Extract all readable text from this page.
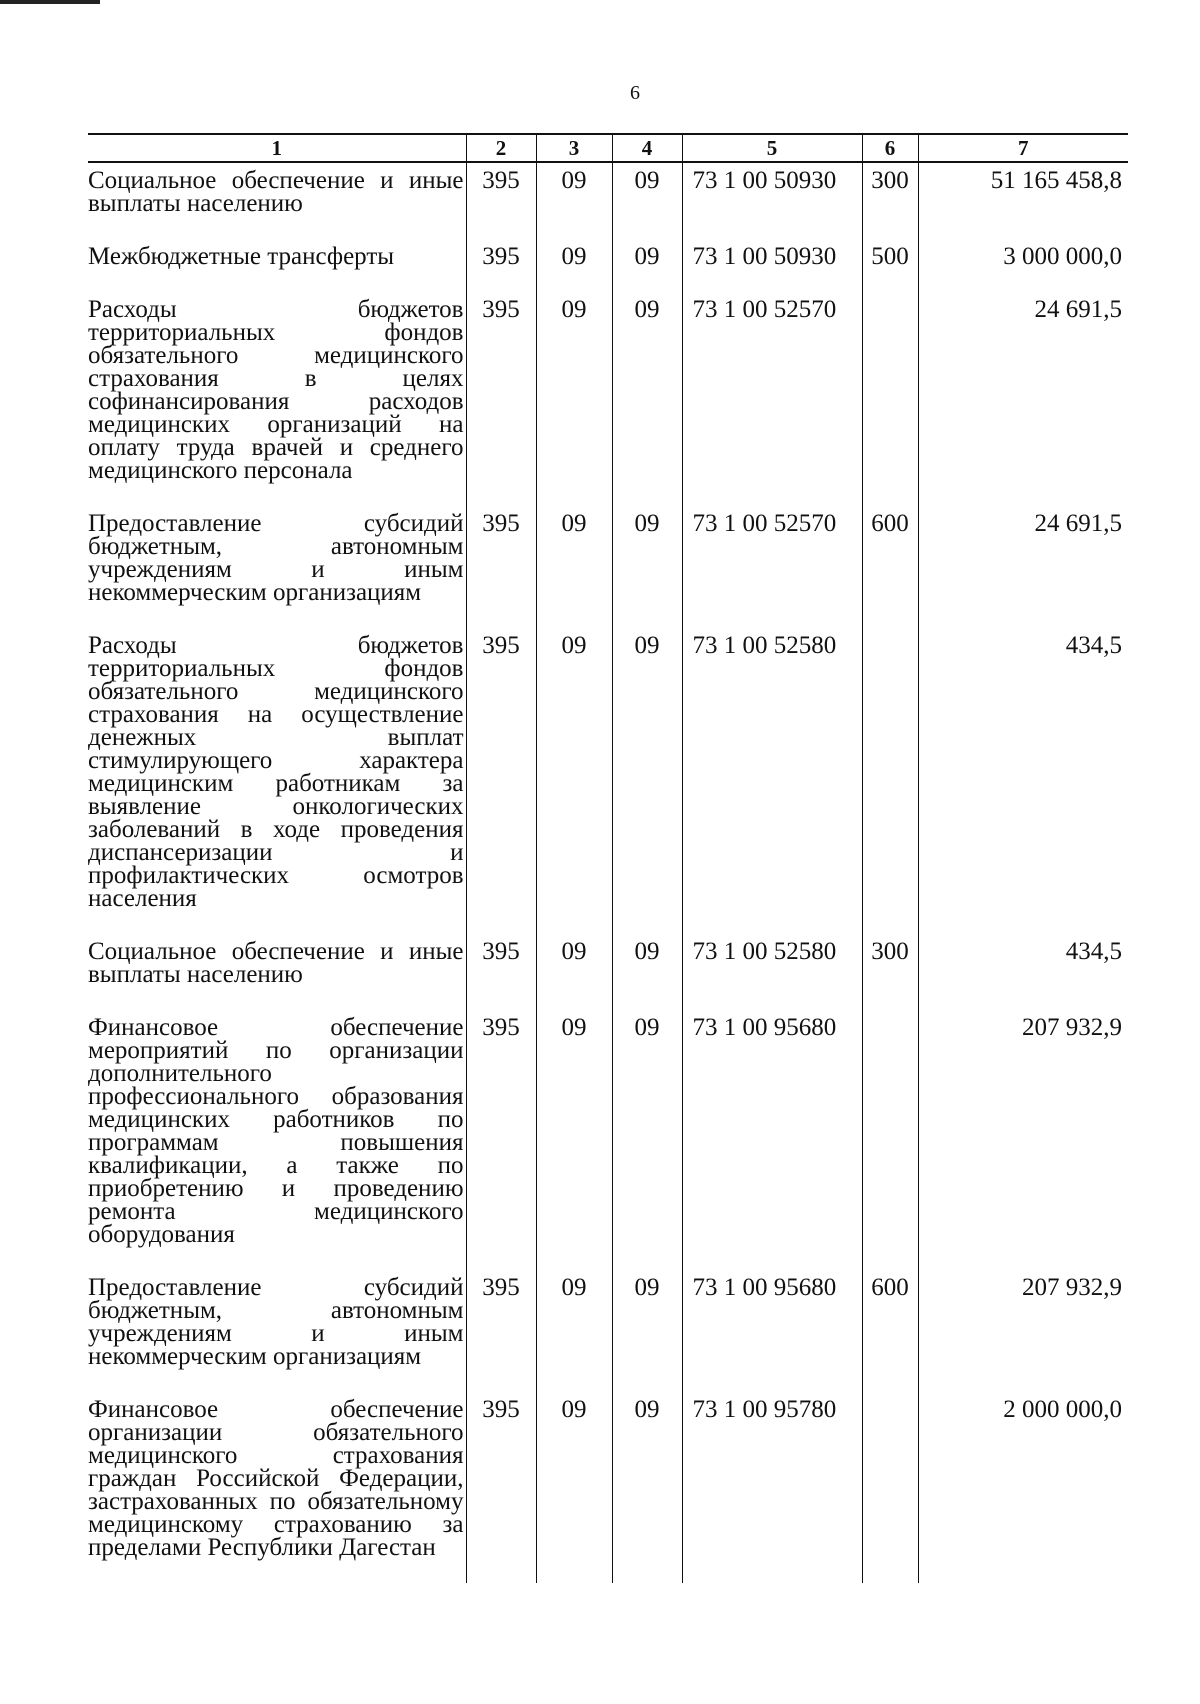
6
1	2	3	4	5	6	7
Социальное обеспечение и иные выплаты населению	395	09	09	73 1 00 50930	300	51 165 458,8
Межбюджетные трансферты	395	09	09	73 1 00 50930	500	3 000 000,0
Расходы бюджетов территориальных фондов обязательного медицинского страхования в целях софинансирования расходов медицинских организаций на оплату труда врачей и среднего медицинского персонала	395	09	09	73 1 00 52570		24 691,5
Предоставление субсидий бюджетным, автономным учреждениям и иным некоммерческим организациям	395	09	09	73 1 00 52570	600	24 691,5
Расходы бюджетов территориальных фондов обязательного медицинского страхования на осуществление денежных выплат стимулирующего характера медицинским работникам за выявление онкологических заболеваний в ходе проведения диспансеризации и профилактических осмотров населения	395	09	09	73 1 00 52580		434,5
Социальное обеспечение и иные выплаты населению	395	09	09	73 1 00 52580	300	434,5
Финансовое обеспечение мероприятий по организации дополнительного профессионального образования медицинских работников по программам повышения квалификации, а также по приобретению и проведению ремонта медицинского оборудования	395	09	09	73 1 00 95680		207 932,9
Предоставление субсидий бюджетным, автономным учреждениям и иным некоммерческим организациям	395	09	09	73 1 00 95680	600	207 932,9
Финансовое обеспечение организации обязательного медицинского страхования граждан Российской Федерации, застрахованных по обязательному медицинскому страхованию за пределами Республики Дагестан	395	09	09	73 1 00 95780		2 000 000,0
